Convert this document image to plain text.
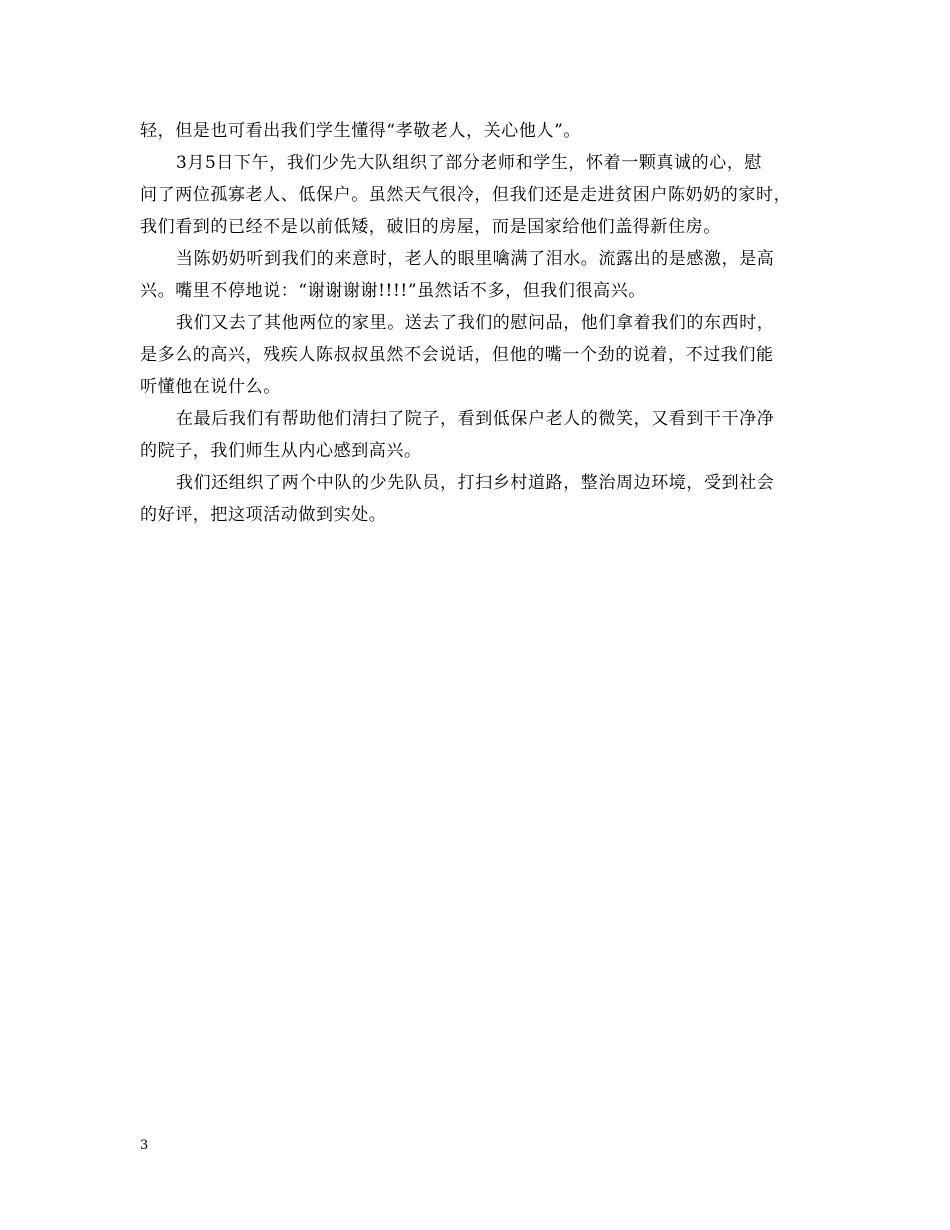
轻，但是也可看出我们学生懂得“孝敬老人，关心他人”。
3月5日下午，我们少先大队组织了部分老师和学生，怀着一颗真诚的心，慰
问了两位孤寡老人、低保户。虽然天气很冷，但我们还是走进贫困户陈奶奶的家时，
我们看到的已经不是以前低矮，破旧的房屋，而是国家给他们盖得新住房。
当陈奶奶听到我们的来意时，老人的眼里噙满了泪水。流露出的是感激，是高
兴。嘴里不停地说：“谢谢谢谢!!!!”虽然话不多，但我们很高兴。
我们又去了其他两位的家里。送去了我们的慰问品，他们拿着我们的东西时，
是多么的高兴，残疾人陈叔叔虽然不会说话，但他的嘴一个劲的说着，不过我们能
听懂他在说什么。
在最后我们有帮助他们清扫了院子，看到低保户老人的微笑，又看到干干净净
的院子，我们师生从内心感到高兴。
我们还组织了两个中队的少先队员，打扫乡村道路，整治周边环境，受到社会
的好评，把这项活动做到实处。
3
